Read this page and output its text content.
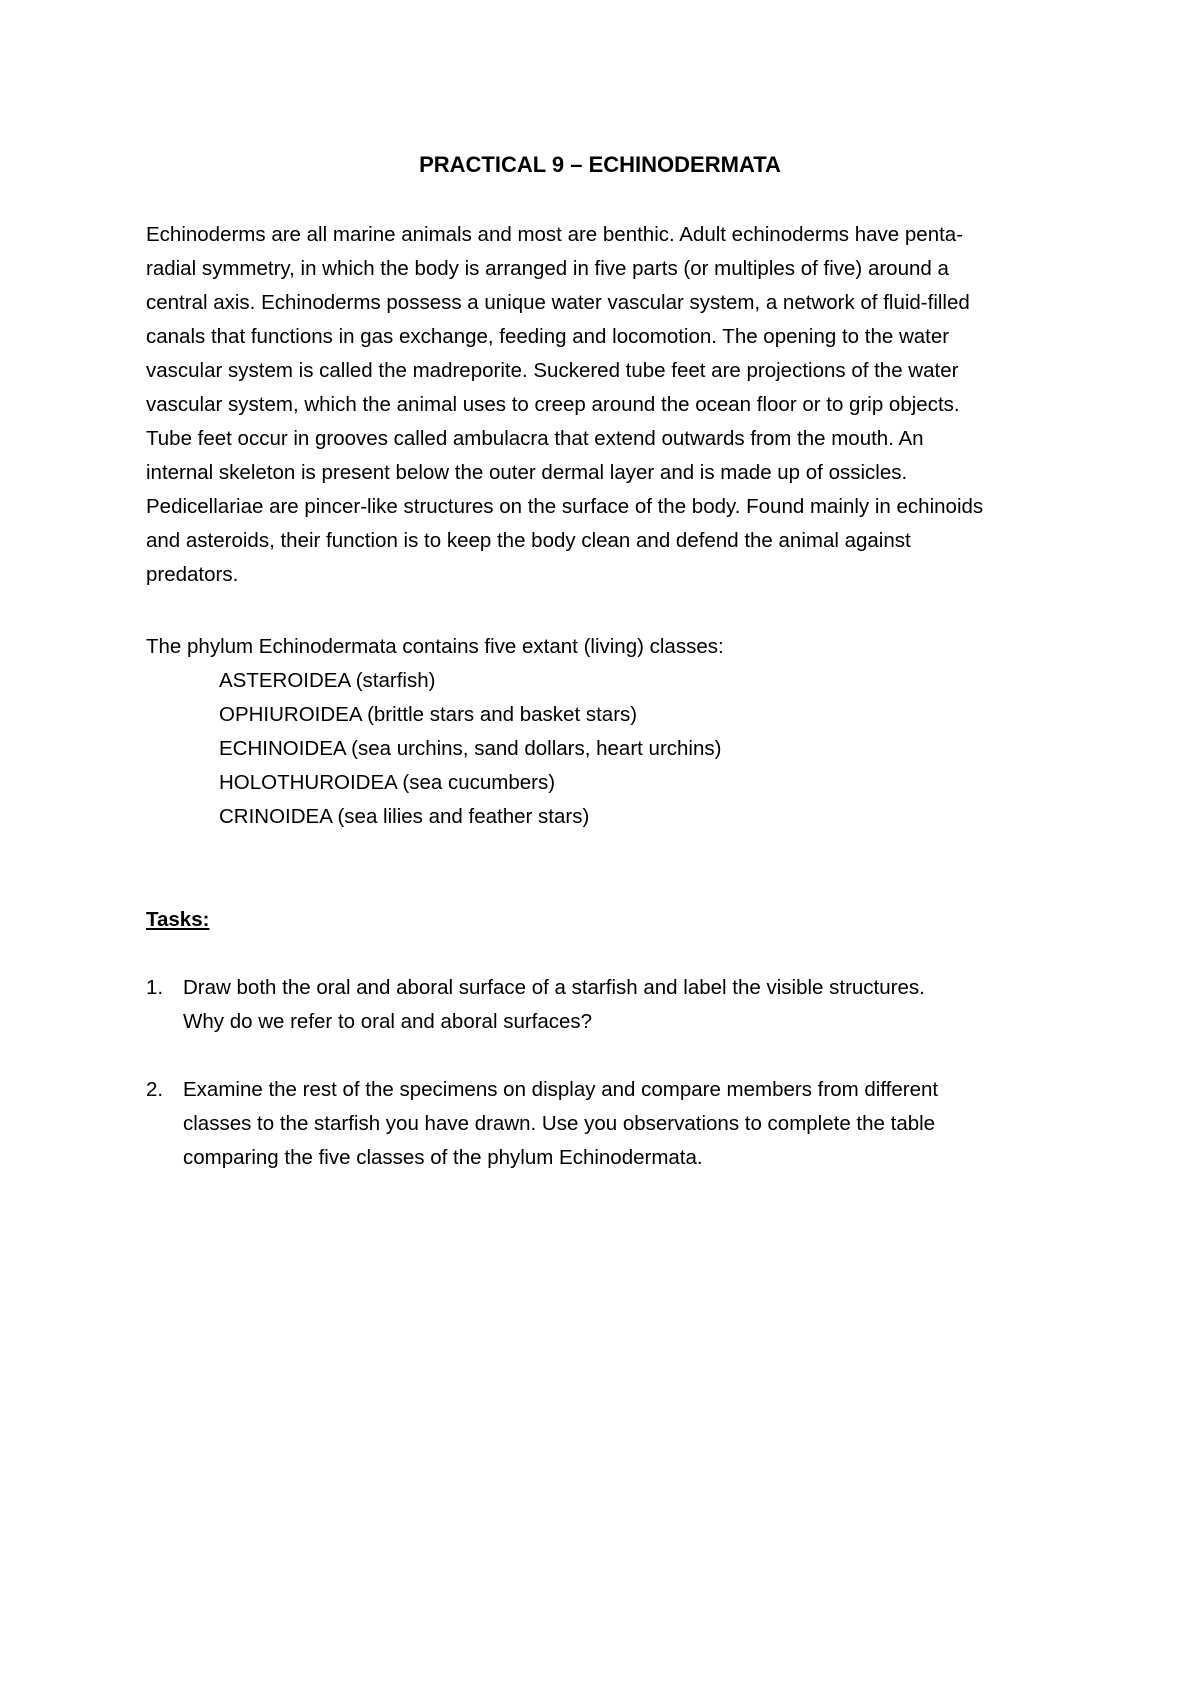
PRACTICAL 9 – ECHINODERMATA

Echinoderms are all marine animals and most are benthic. Adult echinoderms have penta-
radial symmetry, in which the body is arranged in five parts (or multiples of five) around a
central axis. Echinoderms possess a unique water vascular system, a network of fluid-filled
canals that functions in gas exchange, feeding and locomotion. The opening to the water
vascular system is called the madreporite. Suckered tube feet are projections of the water
vascular system, which the animal uses to creep around the ocean floor or to grip objects.
Tube feet occur in grooves called ambulacra that extend outwards from the mouth. An
internal skeleton is present below the outer dermal layer and is made up of ossicles.
Pedicellariae are pincer-like structures on the surface of the body. Found mainly in echinoids
and asteroids, their function is to keep the body clean and defend the animal against
predators.

The phylum Echinodermata contains five extant (living) classes:

ASTEROIDEA (starfish)
OPHIUROIDEA (brittle stars and basket stars)
ECHINOIDEA (sea urchins, sand dollars, heart urchins)
HOLOTHUROIDEA (sea cucumbers)
CRINOIDEA (sea lilies and feather stars)
Tasks:
1. Draw both the oral and aboral surface of a starfish and label the visible structures.
Why do we refer to oral and aboral surfaces?
2. Examine the rest of the specimens on display and compare members from different
classes to the starfish you have drawn. Use you observations to complete the table
comparing the five classes of the phylum Echinodermata.
